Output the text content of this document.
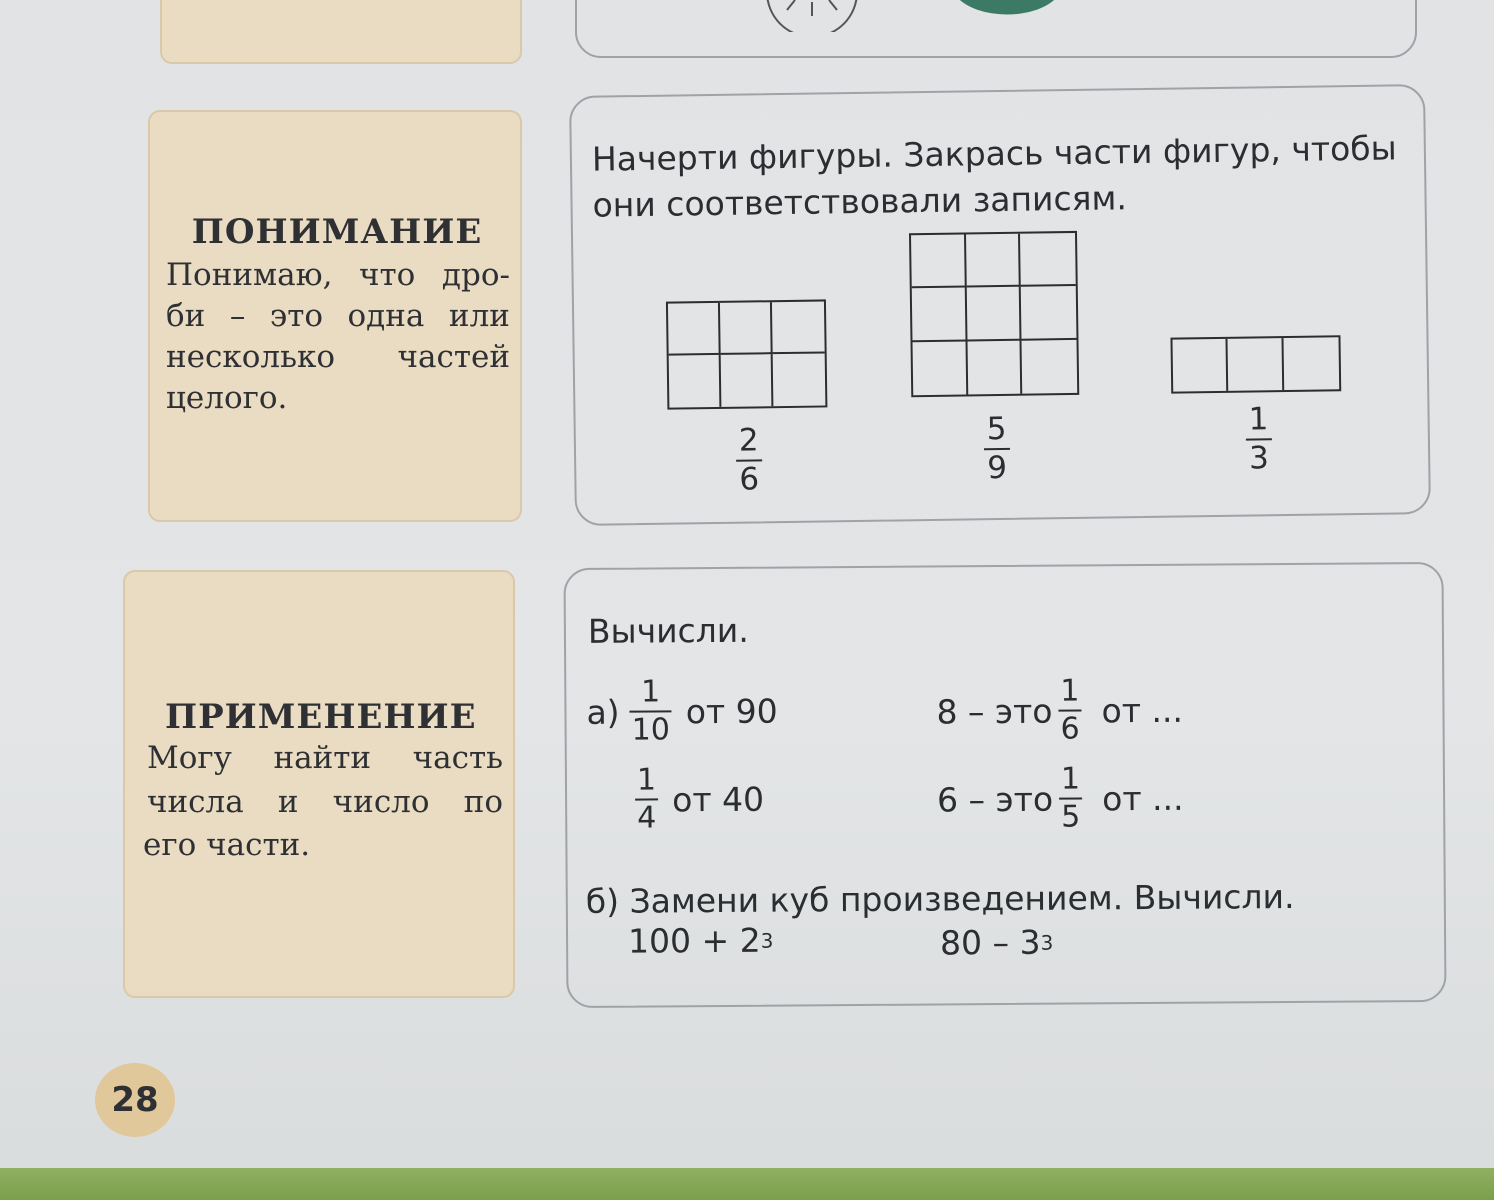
ПОНИМАНИЕ
Понимаю, что дро-
би – это одна или
несколько частей
целого.
Начерти фигуры. Закрась части фигур, чтобы
они соответствовали записям.
2
6
5
9
1
3
ПРИМЕНЕНИЕ
Могу найти часть
числа и число по
его части.
Вычисли.
$а) \frac{1}{10}$ от 90
$\frac{1}{4}$ от 40
8 – это $\frac{1}{6}$ от ...
6 – это $\frac{1}{5}$ от ...
б) Замени куб произведением. Вычисли.
100 + 2 3	80 – 3 3
28
